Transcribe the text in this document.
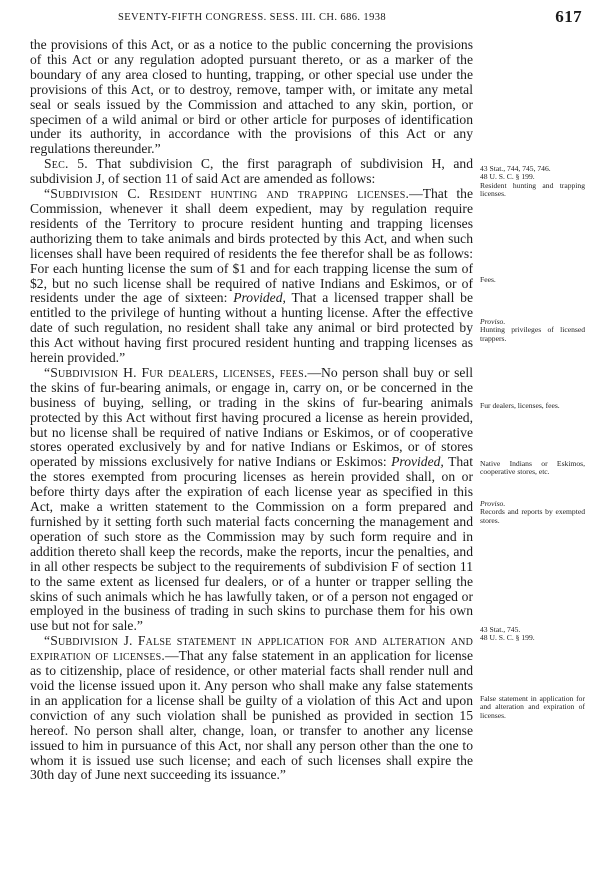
SEVENTY-FIFTH CONGRESS. SESS. III. CH. 686. 1938	617

the provisions of this Act, or as a notice to the public concerning the provisions of this Act or any regulation adopted pursuant thereto, or as a marker of the boundary of any area closed to hunting, trapping, or other special use under the provisions of this Act, or to destroy, remove, tamper with, or imitate any metal seal or seals issued by the Commission and attached to any skin, portion, or specimen of a wild animal or bird or other article for purposes of identification under its authority, in accordance with the provisions of this Act or any regulations thereunder.”

Sec. 5. That subdivision C, the first paragraph of subdivision H, and subdivision J, of section 11 of said Act are amended as follows:

“Subdivision C. Resident hunting and trapping licenses.—That the Commission, whenever it shall deem expedient, may by regulation require residents of the Territory to procure resident hunting and trapping licenses authorizing them to take animals and birds protected by this Act, and when such licenses shall have been required of residents the fee therefor shall be as follows: For each hunting license the sum of $1 and for each trapping license the sum of $2, but no such license shall be required of native Indians and Eskimos, or of residents under the age of sixteen: Provided, That a licensed trapper shall be entitled to the privilege of hunting without a hunting license. After the effective date of such regulation, no resident shall take any animal or bird protected by this Act without having first procured resident hunting and trapping licenses as herein provided.”

“Subdivision H. Fur dealers, licenses, fees.—No person shall buy or sell the skins of fur-bearing animals, or engage in, carry on, or be concerned in the business of buying, selling, or trading in the skins of fur-bearing animals protected by this Act without first having procured a license as herein provided, but no license shall be required of native Indians or Eskimos, or of cooperative stores operated exclusively by and for native Indians or Eskimos, or of stores operated by missions exclusively for native Indians or Eskimos: Provided, That the stores exempted from procuring licenses as herein provided shall, on or before thirty days after the expiration of each license year as specified in this Act, make a written statement to the Commission on a form prepared and furnished by it setting forth such material facts concerning the management and operation of such store as the Commission may by such form require and in addition thereto shall keep the records, make the reports, incur the penalties, and in all other respects be subject to the requirements of subdivision F of section 11 to the same extent as licensed fur dealers, or of a hunter or trapper selling the skins of such animals which he has lawfully taken, or of a person not engaged or employed in the business of trading in such skins to purchase them for his own use but not for sale.”

“Subdivision J. False statement in application for and alteration and expiration of licenses.—That any false statement in an application for license as to citizenship, place of residence, or other material facts shall render null and void the license issued upon it. Any person who shall make any false statements in an application for a license shall be guilty of a violation of this Act and upon conviction of any such violation shall be punished as provided in section 15 hereof. No person shall alter, change, loan, or transfer to another any license issued to him in pursuance of this Act, nor shall any person other than the one to whom it is issued use such license; and each of such licenses shall expire the 30th day of June next succeeding its issuance.”

43 Stat., 744, 745, 746.
48 U. S. C. § 199.
Resident hunting and trapping licenses.
Fees.
Proviso.
Hunting privileges of licensed trappers.
Fur dealers, licenses, fees.
Native Indians or Eskimos, cooperative stores, etc.
Proviso.
Records and reports by exempted stores.
43 Stat., 745.
48 U. S. C. § 199.
False statement in application for and alteration and expiration of licenses.
